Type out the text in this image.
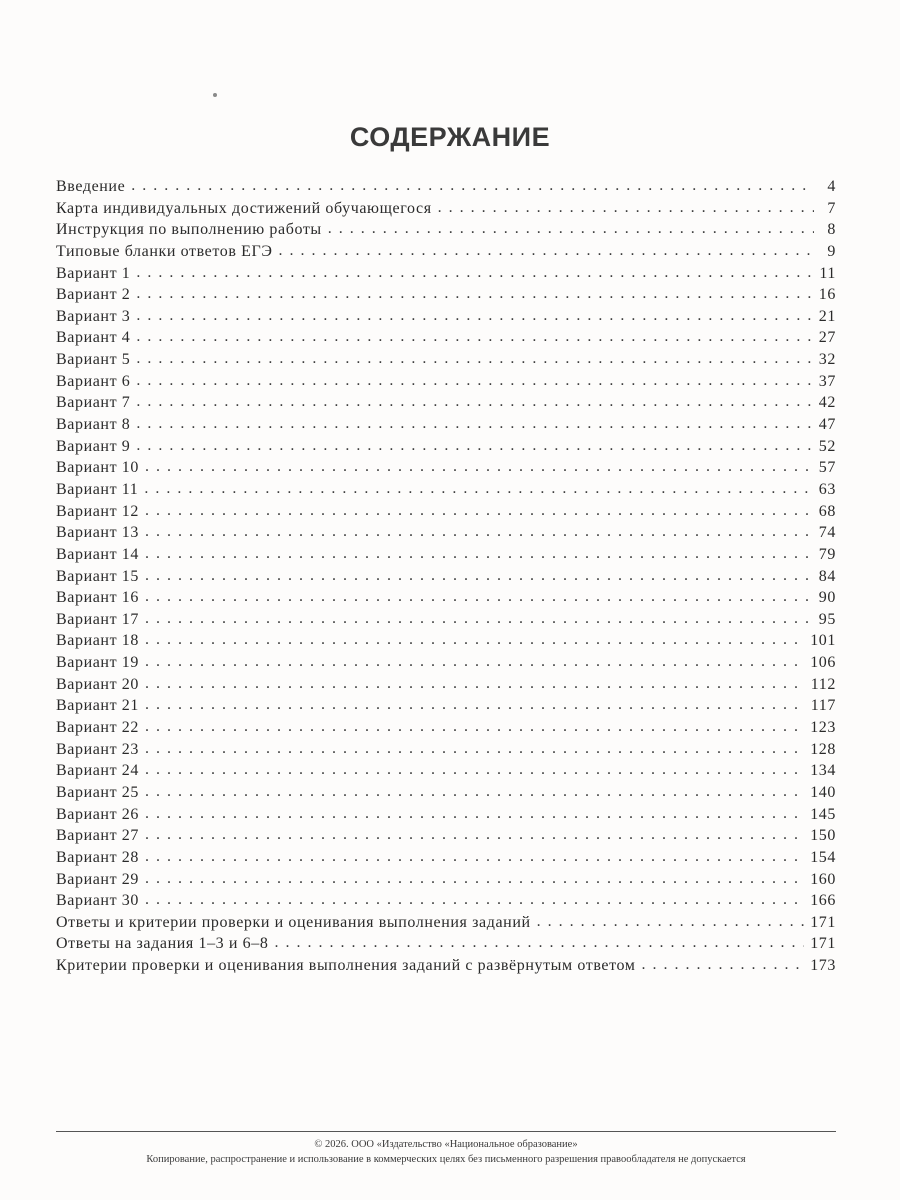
СОДЕРЖАНИЕ
Введение . . .	4
Карта индивидуальных достижений обучающегося . . .	7
Инструкция по выполнению работы . . .	8
Типовые бланки ответов ЕГЭ . . .	9
Вариант 1 . . .	11
Вариант 2 . . .	16
Вариант 3 . . .	21
Вариант 4 . . .	27
Вариант 5 . . .	32
Вариант 6 . . .	37
Вариант 7 . . .	42
Вариант 8 . . .	47
Вариант 9 . . .	52
Вариант 10 . . .	57
Вариант 11 . . .	63
Вариант 12 . . .	68
Вариант 13 . . .	74
Вариант 14 . . .	79
Вариант 15 . . .	84
Вариант 16 . . .	90
Вариант 17 . . .	95
Вариант 18 . . .	101
Вариант 19 . . .	106
Вариант 20 . . .	112
Вариант 21 . . .	117
Вариант 22 . . .	123
Вариант 23 . . .	128
Вариант 24 . . .	134
Вариант 25 . . .	140
Вариант 26 . . .	145
Вариант 27 . . .	150
Вариант 28 . . .	154
Вариант 29 . . .	160
Вариант 30 . . .	166
Ответы и критерии проверки и оценивания выполнения заданий . . .	171
Ответы на задания 1–3 и 6–8 . . .	171
Критерии проверки и оценивания выполнения заданий с развёрнутым ответом . . .	173
© 2026. ООО «Издательство «Национальное образование»
Копирование, распространение и использование в коммерческих целях без письменного разрешения правообладателя не допускается
